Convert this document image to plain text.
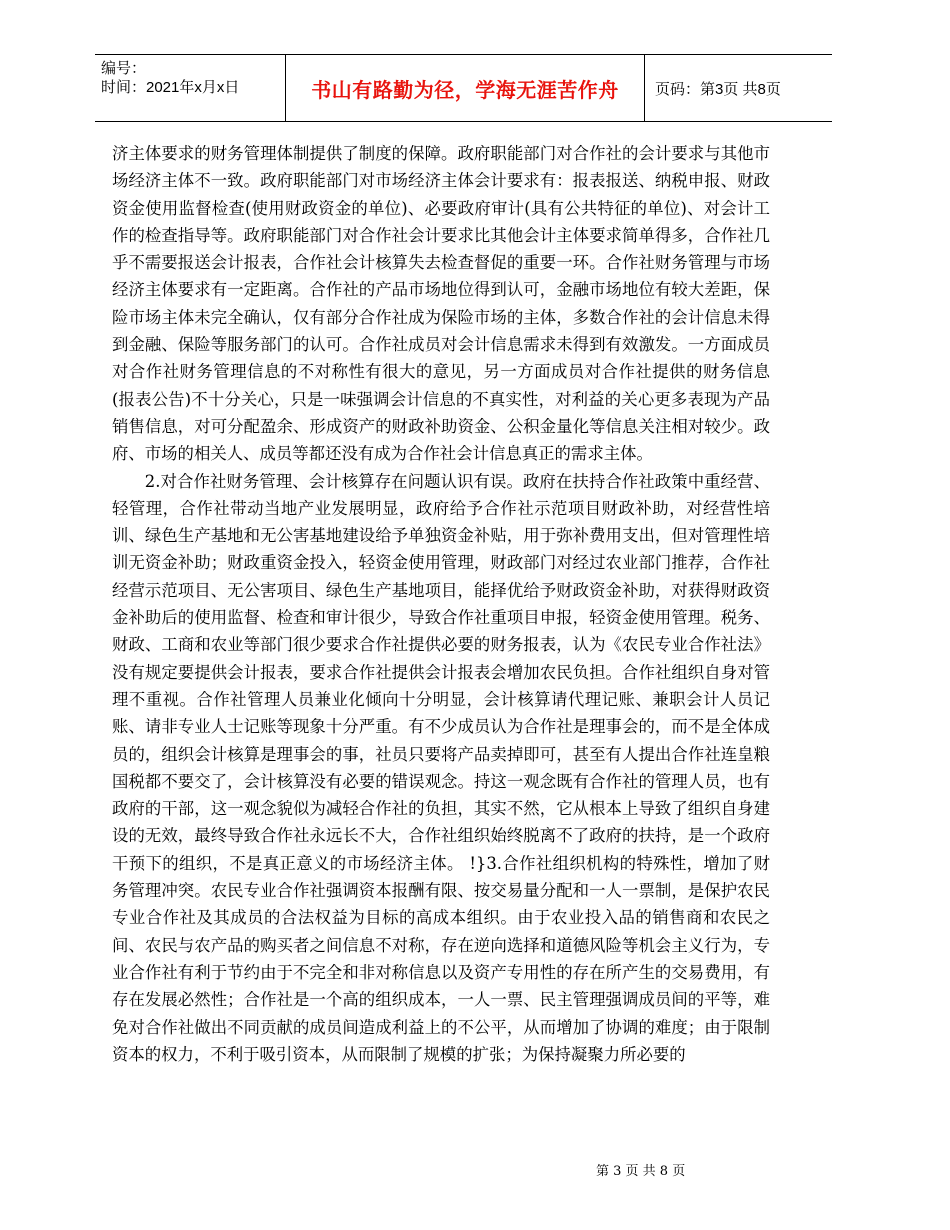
编号：
时间：2021年x月x日	书山有路勤为径，学海无涯苦作舟	页码：第3页 共8页

济主体要求的财务管理体制提供了制度的保障。政府职能部门对合作社的会计要求与其他市场经济主体不一致。政府职能部门对市场经济主体会计要求有：报表报送、纳税申报、财政资金使用监督检查(使用财政资金的单位)、必要政府审计(具有公共特征的单位)、对会计工作的检查指导等。政府职能部门对合作社会计要求比其他会计主体要求简单得多，合作社几乎不需要报送会计报表，合作社会计核算失去检查督促的重要一环。合作社财务管理与市场经济主体要求有一定距离。合作社的产品市场地位得到认可，金融市场地位有较大差距，保险市场主体未完全确认，仅有部分合作社成为保险市场的主体，多数合作社的会计信息未得到金融、保险等服务部门的认可。合作社成员对会计信息需求未得到有效激发。一方面成员对合作社财务管理信息的不对称性有很大的意见，另一方面成员对合作社提供的财务信息(报表公告)不十分关心，只是一味强调会计信息的不真实性，对利益的关心更多表现为产品销售信息，对可分配盈余、形成资产的财政补助资金、公积金量化等信息关注相对较少。政府、市场的相关人、成员等都还没有成为合作社会计信息真正的需求主体。

2.对合作社财务管理、会计核算存在问题认识有误。政府在扶持合作社政策中重经营、轻管理，合作社带动当地产业发展明显，政府给予合作社示范项目财政补助，对经营性培训、绿色生产基地和无公害基地建设给予单独资金补贴，用于弥补费用支出，但对管理性培训无资金补助；财政重资金投入，轻资金使用管理，财政部门对经过农业部门推荐，合作社经营示范项目、无公害项目、绿色生产基地项目，能择优给予财政资金补助，对获得财政资金补助后的使用监督、检查和审计很少，导致合作社重项目申报，轻资金使用管理。税务、财政、工商和农业等部门很少要求合作社提供必要的财务报表，认为《农民专业合作社法》没有规定要提供会计报表，要求合作社提供会计报表会增加农民负担。合作社组织自身对管理不重视。合作社管理人员兼业化倾向十分明显，会计核算请代理记账、兼职会计人员记账、请非专业人士记账等现象十分严重。有不少成员认为合作社是理事会的，而不是全体成员的，组织会计核算是理事会的事，社员只要将产品卖掉即可，甚至有人提出合作社连皇粮国税都不要交了，会计核算没有必要的错误观念。持这一观念既有合作社的管理人员，也有政府的干部，这一观念貌似为减轻合作社的负担，其实不然，它从根本上导致了组织自身建设的无效，最终导致合作社永远长不大，合作社组织始终脱离不了政府的扶持，是一个政府干预下的组织，不是真正意义的市场经济主体。 !}3.合作社组织机构的特殊性，增加了财务管理冲突。农民专业合作社强调资本报酬有限、按交易量分配和一人一票制，是保护农民专业合作社及其成员的合法权益为目标的高成本组织。由于农业投入品的销售商和农民之间、农民与农产品的购买者之间信息不对称，存在逆向选择和道德风险等机会主义行为，专业合作社有利于节约由于不完全和非对称信息以及资产专用性的存在所产生的交易费用，有存在发展必然性；合作社是一个高的组织成本，一人一票、民主管理强调成员间的平等，难免对合作社做出不同贡献的成员间造成利益上的不公平，从而增加了协调的难度；由于限制资本的权力，不利于吸引资本，从而限制了规模的扩张；为保持凝聚力所必要的

第 3 页 共 8 页
